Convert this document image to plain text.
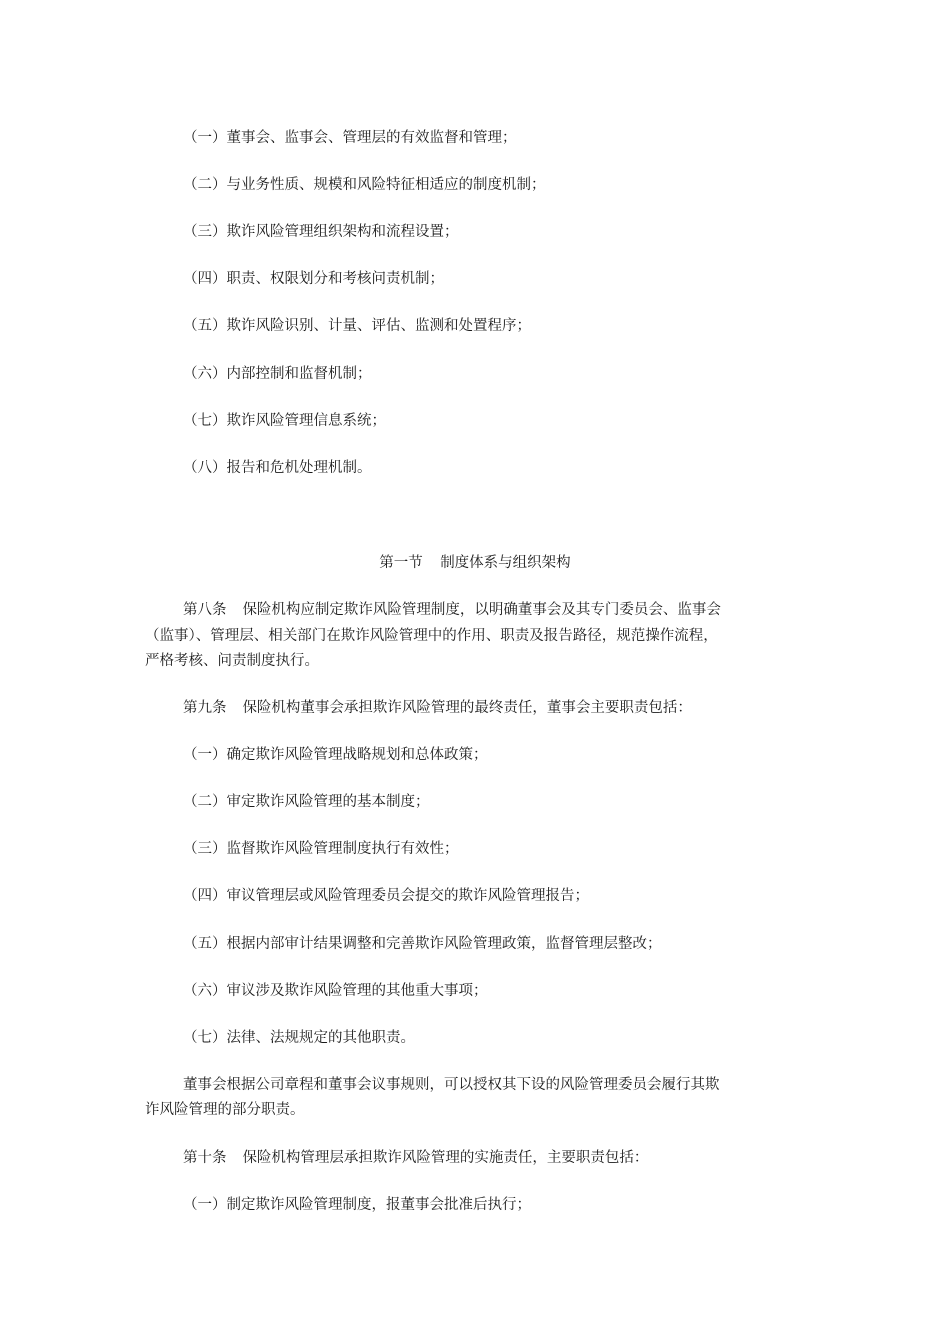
（一）董事会、监事会、管理层的有效监督和管理；
（二）与业务性质、规模和风险特征相适应的制度机制；
（三）欺诈风险管理组织架构和流程设置；
（四）职责、权限划分和考核问责机制；
（五）欺诈风险识别、计量、评估、监测和处置程序；
（六）内部控制和监督机制；
（七）欺诈风险管理信息系统；
（八）报告和危机处理机制。
第一节 制度体系与组织架构
第八条 保险机构应制定欺诈风险管理制度，以明确董事会及其专门委员会、监事会
（监事）、管理层、相关部门在欺诈风险管理中的作用、职责及报告路径，规范操作流程，
严格考核、问责制度执行。
第九条 保险机构董事会承担欺诈风险管理的最终责任，董事会主要职责包括：
（一）确定欺诈风险管理战略规划和总体政策；
（二）审定欺诈风险管理的基本制度；
（三）监督欺诈风险管理制度执行有效性；
（四）审议管理层或风险管理委员会提交的欺诈风险管理报告；
（五）根据内部审计结果调整和完善欺诈风险管理政策，监督管理层整改；
（六）审议涉及欺诈风险管理的其他重大事项；
（七）法律、法规规定的其他职责。
董事会根据公司章程和董事会议事规则，可以授权其下设的风险管理委员会履行其欺
诈风险管理的部分职责。
第十条 保险机构管理层承担欺诈风险管理的实施责任，主要职责包括：
（一）制定欺诈风险管理制度，报董事会批准后执行；
